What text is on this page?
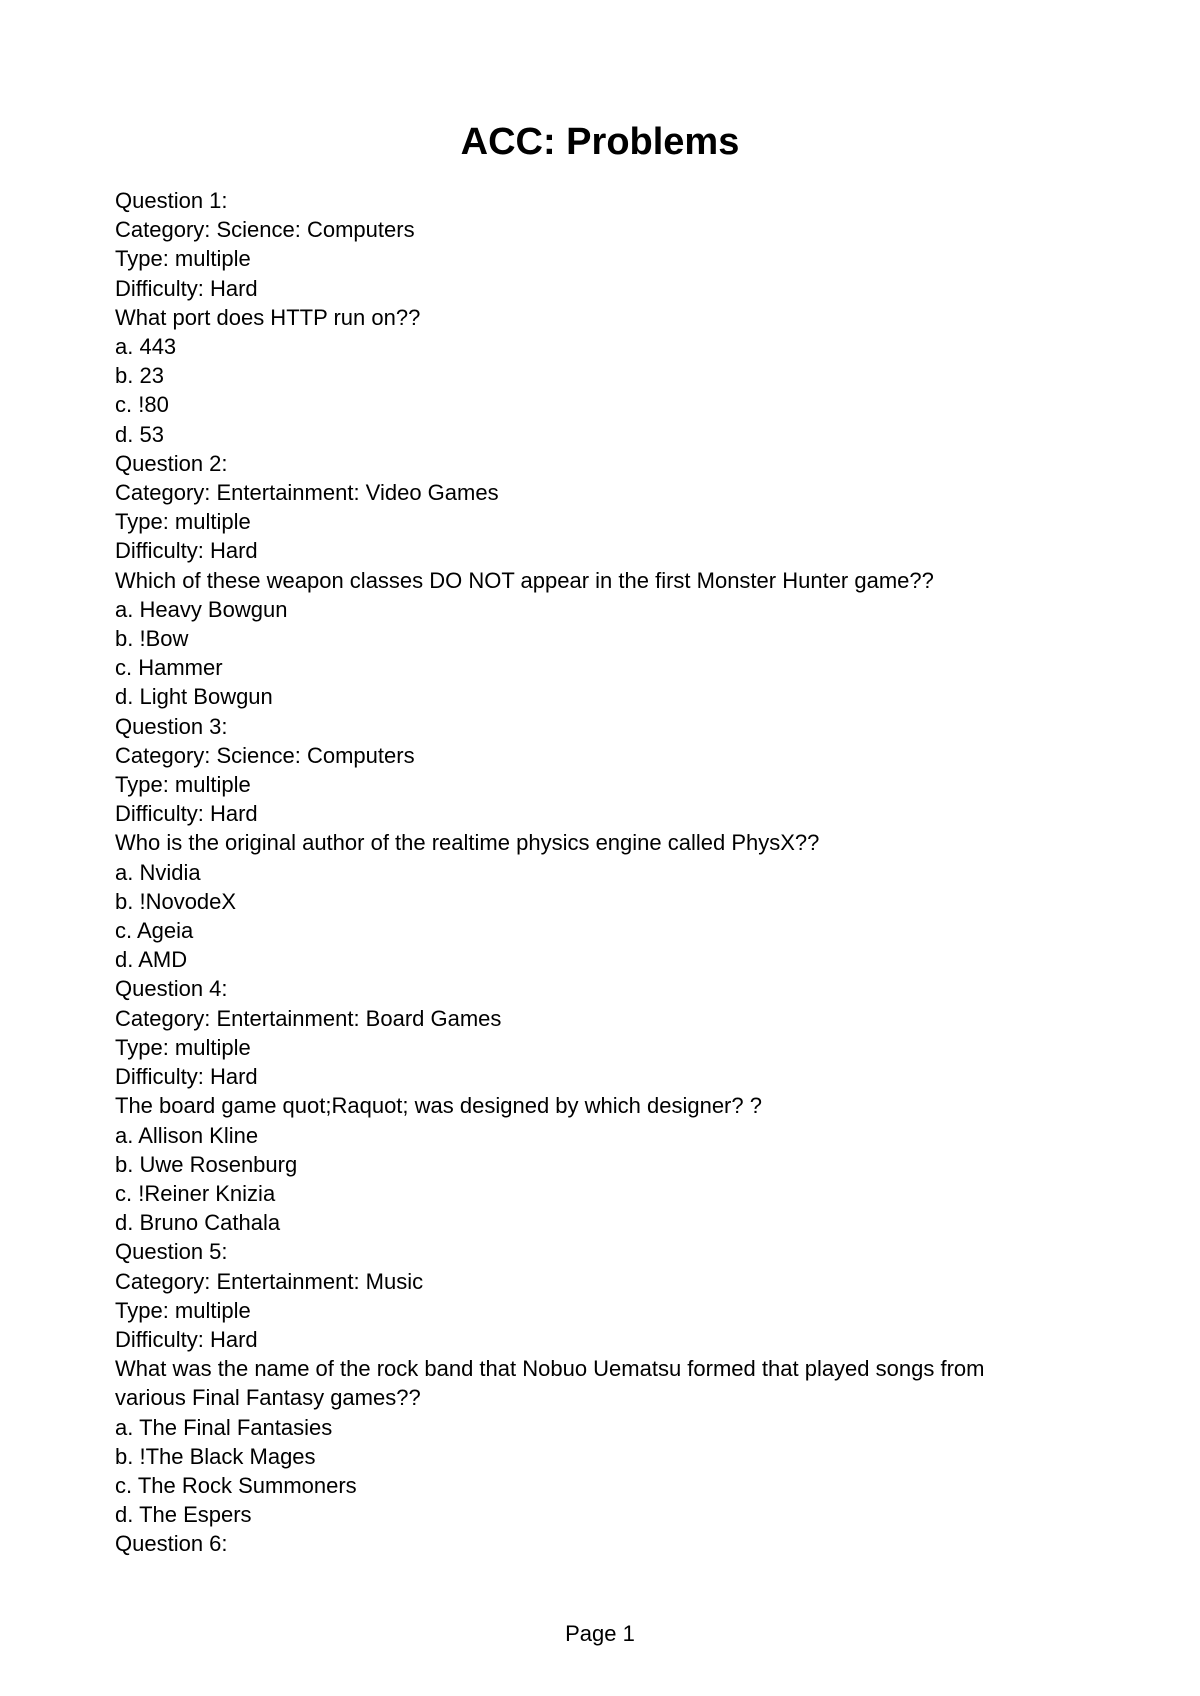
ACC: Problems
Question 1:
Category: Science: Computers
Type: multiple
Difficulty: Hard
What port does HTTP run on??
a. 443
b. 23
c. !80
d. 53
Question 2:
Category: Entertainment: Video Games
Type: multiple
Difficulty: Hard
Which of these weapon classes DO NOT appear in the first Monster Hunter game??
a. Heavy Bowgun
b. !Bow
c. Hammer
d. Light Bowgun
Question 3:
Category: Science: Computers
Type: multiple
Difficulty: Hard
Who is the original author of the realtime physics engine called PhysX??
a. Nvidia
b. !NovodeX
c. Ageia
d. AMD
Question 4:
Category: Entertainment: Board Games
Type: multiple
Difficulty: Hard
The board game quot;Raquot; was designed by which designer? ?
a. Allison Kline
b. Uwe Rosenburg
c. !Reiner Knizia
d. Bruno Cathala
Question 5:
Category: Entertainment: Music
Type: multiple
Difficulty: Hard
What was the name of the rock band that Nobuo Uematsu formed that played songs from
various Final Fantasy games??
a. The Final Fantasies
b. !The Black Mages
c. The Rock Summoners
d. The Espers
Question 6:
Page 1
